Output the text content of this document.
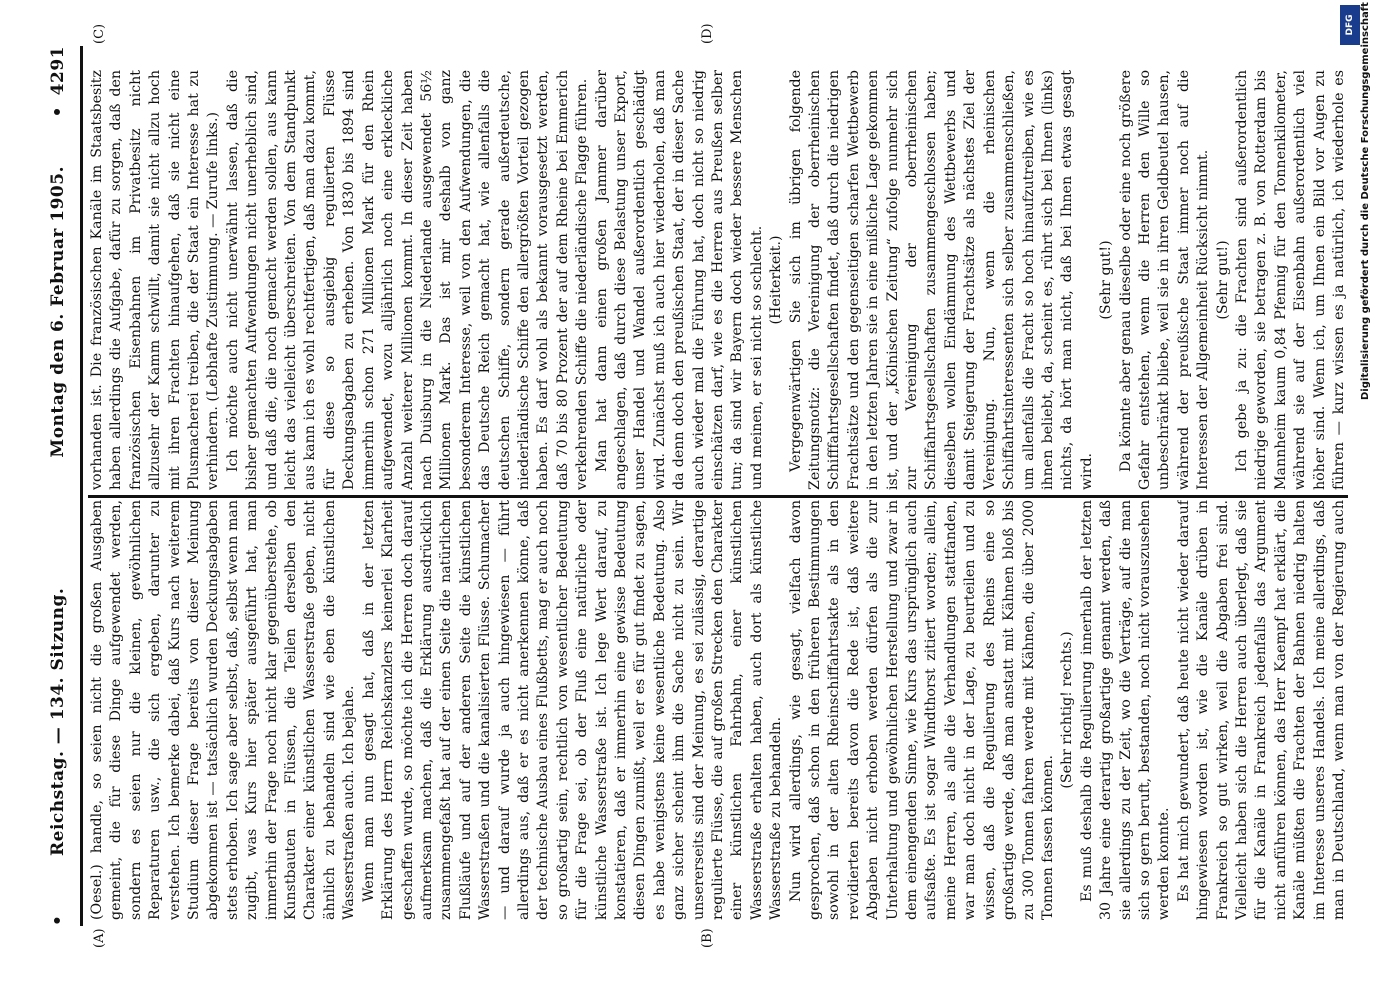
•
Reichstag. — 134. Sitzung.
Montag den 6. Februar 1905.
•
4291
(A)	(B)
(C)	(D)

(Oesel.) handle, so seien nicht die großen Ausgaben gemeint, die für diese Dinge aufgewendet werden, sondern es seien nur die kleinen, gewöhnlichen Reparaturen usw., die sich ergeben, darunter zu verstehen. Ich bemerke dabei, daß Kurs nach weiterem Studium dieser Frage bereits von dieser Meinung abgekommen ist — tatsächlich wurden Deckungsabgaben stets erhoben. Ich sage aber selbst, daß, selbst wenn man zugibt, was Kurs hier später ausgeführt hat, man immerhin der Frage noch nicht klar gegenüberstehe, ob Kunstbauten in Flüssen, die Teilen derselben den Charakter einer künstlichen Wasserstraße geben, nicht ähnlich zu behandeln sind wie eben die künstlichen Wasserstraßen auch. Ich bejahe. Wenn man nun gesagt hat, daß in der letzten Erklärung des Herrn Reichskanzlers keinerlei Klarheit geschaffen wurde, so möchte ich die Herren doch darauf aufmerksam machen, daß die Erklärung ausdrücklich zusammengefaßt hat auf der einen Seite die natürlichen Flußläufe und auf der anderen Seite die künstlichen Wasserstraßen und die kanalisierten Flüsse. Schumacher — und darauf wurde ja auch hingewiesen — führt allerdings aus, daß er es nicht anerkennen könne, daß der technische Ausbau eines Flußbetts, mag er auch noch so großartig sein, rechtlich von wesentlicher Bedeutung für die Frage sei, ob der Fluß eine natürliche oder künstliche Wasserstraße ist. Ich lege Wert darauf, zu konstatieren, daß er immerhin eine gewisse Bedeutung diesen Dingen zumißt, weil er es für gut findet zu sagen, es habe wenigstens keine wesentliche Bedeutung. Also ganz sicher scheint ihm die Sache nicht zu sein. Wir unsererseits sind der Meinung, es sei zulässig, derartige regulierte Flüsse, die auf großen Strecken den Charakter einer künstlichen Fahrbahn, einer künstlichen Wasserstraße erhalten haben, auch dort als künstliche Wasserstraße zu behandeln. Nun wird allerdings, wie gesagt, vielfach davon gesprochen, daß schon in den früheren Bestimmungen sowohl in der alten Rheinschiffahrtsakte als in den revidierten bereits davon die Rede ist, daß weitere Abgaben nicht erhoben werden dürfen als die zur Unterhaltung und gewöhnlichen Herstellung und zwar in dem einengenden Sinne, wie Kurs das ursprünglich auch aufsaßte. Es ist sogar Windthorst zitiert worden; allein, meine Herren, als alle die Verhandlungen stattfanden, war man doch nicht in der Lage, zu beurteilen und zu wissen, daß die Regulierung des Rheins eine so großartige werde, daß man anstatt mit Kähnen bloß bis zu 300 Tonnen fahren werde mit Kähnen, die über 2000 Tonnen fassen können.

(Sehr richtig! rechts.) Es muß deshalb die Regulierung innerhalb der letzten 30 Jahre eine derartig großartige genannt werden, daß sie allerdings zu der Zeit, wo die Verträge, auf die man sich so gern beruft, bestanden, noch nicht vorauszusehen werden konnte. Es hat mich gewundert, daß heute nicht wieder darauf hingewiesen worden ist, wie die Kanäle drüben in Frankreich so gut wirken, weil die Abgaben frei sind. Vielleicht haben sich die Herren auch überlegt, daß sie für die Kanäle in Frankreich jedenfalls das Argument nicht anführen können, das Herr Kaempf hat erklärt, die Kanäle müßten die Frachten der Bahnen niedrig halten im Interesse unseres Handels. Ich meine allerdings, daß man in Deutschland, wenn man von der Regierung auch

vorhanden ist. Die französischen Kanäle im Staatsbesitz haben allerdings die Aufgabe, dafür zu sorgen, daß den französischen Eisenbahnen im Privatbesitz nicht allzusehr der Kamm schwillt, damit sie nicht allzu hoch mit ihren Frachten hinaufgehen, daß sie nicht eine Plusmacherei treiben, die der Staat ein Interesse hat zu verhindern. (Lebhafte Zustimmung. — Zurufe links.) Ich möchte auch nicht unerwähnt lassen, daß die bisher gemachten Aufwendungen nicht unerheblich sind, und daß die, die noch gemacht werden sollen, aus kann leicht das vielleicht überschreiten. Von dem Standpunkt aus kann ich es wohl rechtfertigen, daß man dazu kommt, für diese so ausgiebig regulierten Flüsse Deckungsabgaben zu erheben. Von 1830 bis 1894 sind immerhin schon 271 Millionen Mark für den Rhein aufgewendet, wozu alljährlich noch eine erkleckliche Anzahl weiterer Millionen kommt. In dieser Zeit haben nach Duisburg in die Niederlande ausgewendet 56½ Millionen Mark. Das ist mir deshalb von ganz besonderem Interesse, weil von den Aufwendungen, die das Deutsche Reich gemacht hat, wie allenfalls die deutschen Schiffe, sondern gerade außerdeutsche, niederländische Schiffe den allergrößten Vorteil gezogen haben. Es darf wohl als bekannt vorausgesetzt werden, daß 70 bis 80 Prozent der auf dem Rheine bei Emmerich verkehrenden Schiffe die niederländische Flagge führen. Man hat dann einen großen Jammer darüber angeschlagen, daß durch diese Belastung unser Export, unser Handel und Wandel außerordentlich geschädigt wird. Zunächst muß ich auch hier wiederholen, daß man da denn doch den preußischen Staat, der in dieser Sache auch wieder mal die Führung hat, doch nicht so niedrig einschätzen darf, wie es die Herren aus Preußen selber tun; da sind wir Bayern doch wieder bessere Menschen und meinen, er sei nicht so schlecht. (Heiterkeit.) Vergegenwärtigen Sie sich im übrigen folgende Zeitungsnotiz: die Vereinigung der oberrheinischen Schifffahrtsgesellschaften findet, daß durch die niedrigen Frachtsätze und den gegenseitigen scharfen Wettbewerb in den letzten Jahren sie in eine mißliche Lage gekommen ist, und der „Kölnischen Zeitung“ zufolge nunmehr sich zur Vereinigung der oberrheinischen Schiffahrtsgesellschaften zusammengeschlossen haben; dieselben wollen Eindämmung des Wettbewerbs und damit Steigerung der Frachtsätze als nächstes Ziel der Vereinigung. Nun, wenn die rheinischen Schiffahrtsinteressenten sich selber zusammenschließen, um allenfalls die Fracht so hoch hinaufzutreiben, wie es ihnen beliebt, da, scheint es, rührt sich bei Ihnen (links) nichts, da hört man nicht, daß bei Ihnen etwas gesagt wird.

(Sehr gut!) Da könnte aber genau dieselbe oder eine noch größere Gefahr entstehen, wenn die Herren den Wille so unbeschränkt bliebe, weil sie in ihren Geldbeutel hausen, während der preußische Staat immer noch auf die Interessen der Allgemeinheit Rücksicht nimmt. (Sehr gut!)

Ich gebe ja zu: die Frachten sind außerordentlich niedrige geworden, sie betragen z. B. von Rotterdam bis Mannheim kaum 0,84 Pfennig für den Tonnenkilometer, während sie auf der Eisenbahn außerordentlich viel höher sind. Wenn ich, um Ihnen ein Bild vor Augen zu führen — kurz wissen es ja natürlich, ich wiederhole es

DFG Digitalisierung gefördert durch die Deutsche Forschungsgemeinschaft
